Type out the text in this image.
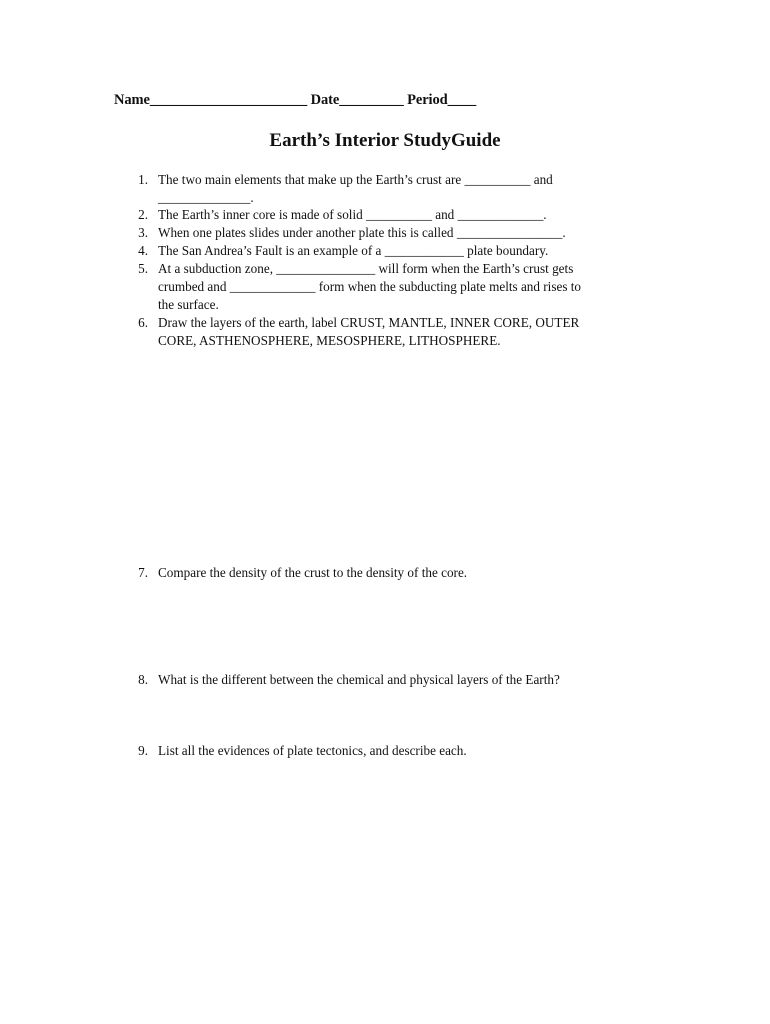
Name______________________ Date_________ Period____
Earth’s Interior StudyGuide
1. The two main elements that make up the Earth’s crust are __________ and
______________.
2. The Earth’s inner core is made of solid __________ and _____________.
3. When one plates slides under another plate this is called ________________.
4. The San Andrea’s Fault is an example of a ____________ plate boundary.
5. At a subduction zone, _______________ will form when the Earth’s crust gets
crumbed and _____________ form when the subducting plate melts and rises to
the surface.
6. Draw the layers of the earth, label CRUST, MANTLE, INNER CORE, OUTER
CORE, ASTHENOSPHERE, MESOSPHERE, LITHOSPHERE.
7. Compare the density of the crust to the density of the core.
8. What is the different between the chemical and physical layers of the Earth?
9. List all the evidences of plate tectonics, and describe each.
